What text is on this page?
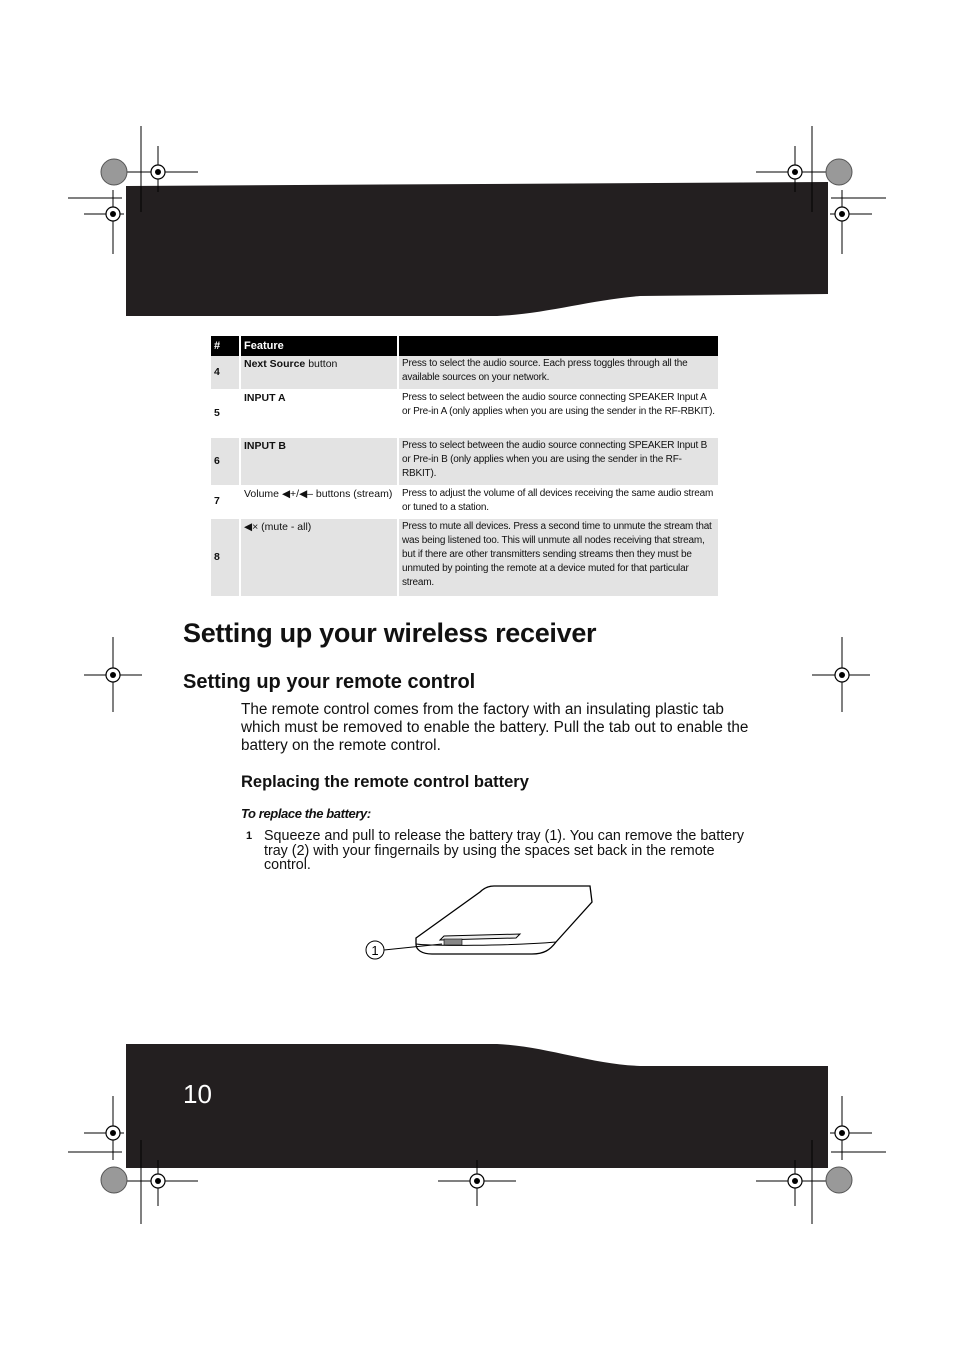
#	Feature	
4	Next Source button	Press to select the audio source. Each press toggles through all the available sources on your network.
5	INPUT A	Press to select between the audio source connecting SPEAKER Input A or Pre-in A (only applies when you are using the sender in the RF-RBKIT).
6	INPUT B	Press to select between the audio source connecting SPEAKER Input B or Pre-in B (only applies when you are using the sender in the RF-RBKIT).
7	Volume ◀+/◀– buttons (stream)	Press to adjust the volume of all devices receiving the same audio stream or tuned to a station.
8	◀× (mute - all)	Press to mute all devices. Press a second time to unmute the stream that was being listened too. This will unmute all nodes receiving that stream, but if there are other transmitters sending streams then they must be unmuted by pointing the remote at a device muted for that particular stream.
Setting up your wireless receiver
Setting up your remote control

The remote control comes from the factory with an insulating plastic tab which must be removed to enable the battery. Pull the tab out to enable the battery on the remote control.

Replacing the remote control battery
To replace the battery:
1 Squeeze and pull to release the battery tray (1). You can remove the battery tray (2) with your fingernails by using the spaces set back in the remote control.

1
10
